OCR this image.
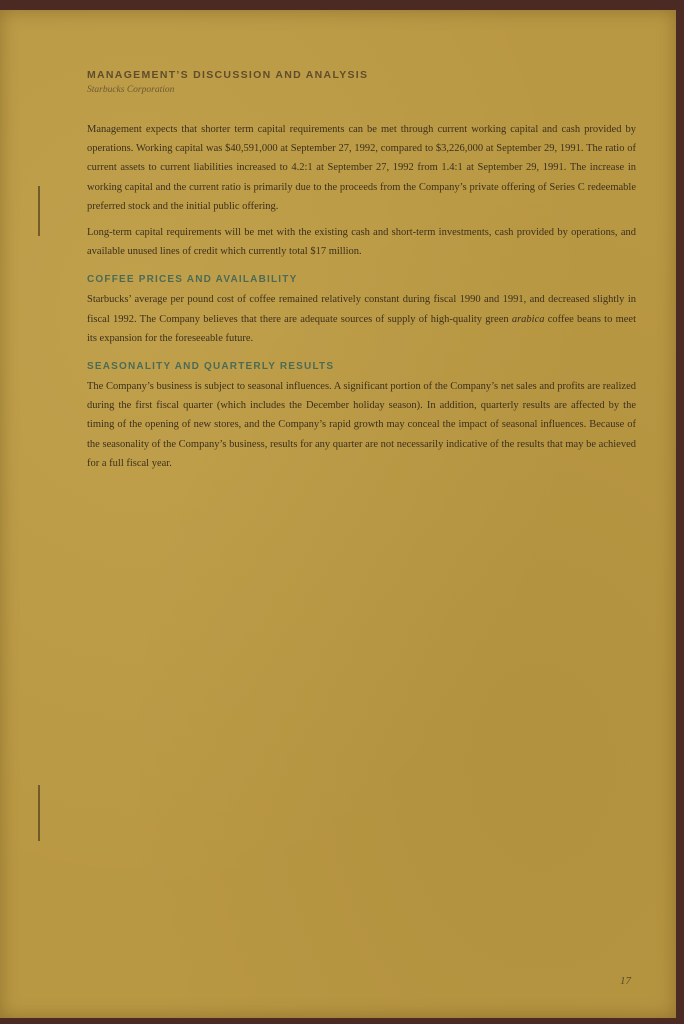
MANAGEMENT’S DISCUSSION AND ANALYSIS
Starbucks Corporation

Management expects that shorter term capital requirements can be met through current working capital and cash provided by operations. Working capital was $40,591,000 at September 27, 1992, compared to $3,226,000 at September 29, 1991. The ratio of current assets to current liabilities increased to 4.2:1 at September 27, 1992 from 1.4:1 at September 29, 1991. The increase in working capital and the current ratio is primarily due to the proceeds from the Company’s private offering of Series C redeemable preferred stock and the initial public offering.

Long-term capital requirements will be met with the existing cash and short-term investments, cash provided by operations, and available unused lines of credit which currently total $17 million.

COFFEE PRICES AND AVAILABILITY

Starbucks’ average per pound cost of coffee remained relatively constant during fiscal 1990 and 1991, and decreased slightly in fiscal 1992. The Company believes that there are adequate sources of supply of high-quality green arabica coffee beans to meet its expansion for the foreseeable future.

SEASONALITY AND QUARTERLY RESULTS

The Company’s business is subject to seasonal influences. A significant portion of the Company’s net sales and profits are realized during the first fiscal quarter (which includes the December holiday season). In addition, quarterly results are affected by the timing of the opening of new stores, and the Company’s rapid growth may conceal the impact of seasonal influences. Because of the seasonality of the Company’s business, results for any quarter are not necessarily indicative of the results that may be achieved for a full fiscal year.

17
